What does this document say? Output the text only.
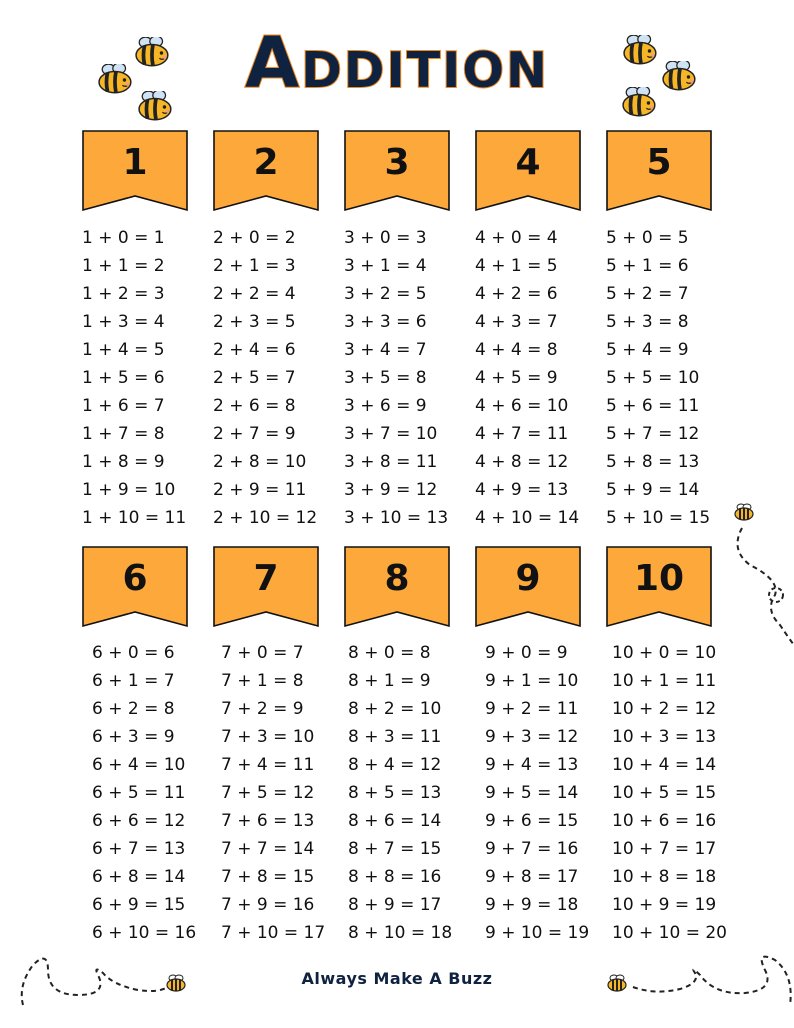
Addition
1
1 + 0 = 1
1 + 1 = 2
1 + 2 = 3
1 + 3 = 4
1 + 4 = 5
1 + 5 = 6
1 + 6 = 7
1 + 7 = 8
1 + 8 = 9
1 + 9 = 10
1 + 10 = 11
2
2 + 0 = 2
2 + 1 = 3
2 + 2 = 4
2 + 3 = 5
2 + 4 = 6
2 + 5 = 7
2 + 6 = 8
2 + 7 = 9
2 + 8 = 10
2 + 9 = 11
2 + 10 = 12
3
3 + 0 = 3
3 + 1 = 4
3 + 2 = 5
3 + 3 = 6
3 + 4 = 7
3 + 5 = 8
3 + 6 = 9
3 + 7 = 10
3 + 8 = 11
3 + 9 = 12
3 + 10 = 13
4
4 + 0 = 4
4 + 1 = 5
4 + 2 = 6
4 + 3 = 7
4 + 4 = 8
4 + 5 = 9
4 + 6 = 10
4 + 7 = 11
4 + 8 = 12
4 + 9 = 13
4 + 10 = 14
5
5 + 0 = 5
5 + 1 = 6
5 + 2 = 7
5 + 3 = 8
5 + 4 = 9
5 + 5 = 10
5 + 6 = 11
5 + 7 = 12
5 + 8 = 13
5 + 9 = 14
5 + 10 = 15
6
6 + 0 = 6
6 + 1 = 7
6 + 2 = 8
6 + 3 = 9
6 + 4 = 10
6 + 5 = 11
6 + 6 = 12
6 + 7 = 13
6 + 8 = 14
6 + 9 = 15
6 + 10 = 16
7
7 + 0 = 7
7 + 1 = 8
7 + 2 = 9
7 + 3 = 10
7 + 4 = 11
7 + 5 = 12
7 + 6 = 13
7 + 7 = 14
7 + 8 = 15
7 + 9 = 16
7 + 10 = 17
8
8 + 0 = 8
8 + 1 = 9
8 + 2 = 10
8 + 3 = 11
8 + 4 = 12
8 + 5 = 13
8 + 6 = 14
8 + 7 = 15
8 + 8 = 16
8 + 9 = 17
8 + 10 = 18
9
9 + 0 = 9
9 + 1 = 10
9 + 2 = 11
9 + 3 = 12
9 + 4 = 13
9 + 5 = 14
9 + 6 = 15
9 + 7 = 16
9 + 8 = 17
9 + 9 = 18
9 + 10 = 19
10
10 + 0 = 10
10 + 1 = 11
10 + 2 = 12
10 + 3 = 13
10 + 4 = 14
10 + 5 = 15
10 + 6 = 16
10 + 7 = 17
10 + 8 = 18
10 + 9 = 19
10 + 10 = 20
Always Make A Buzz
